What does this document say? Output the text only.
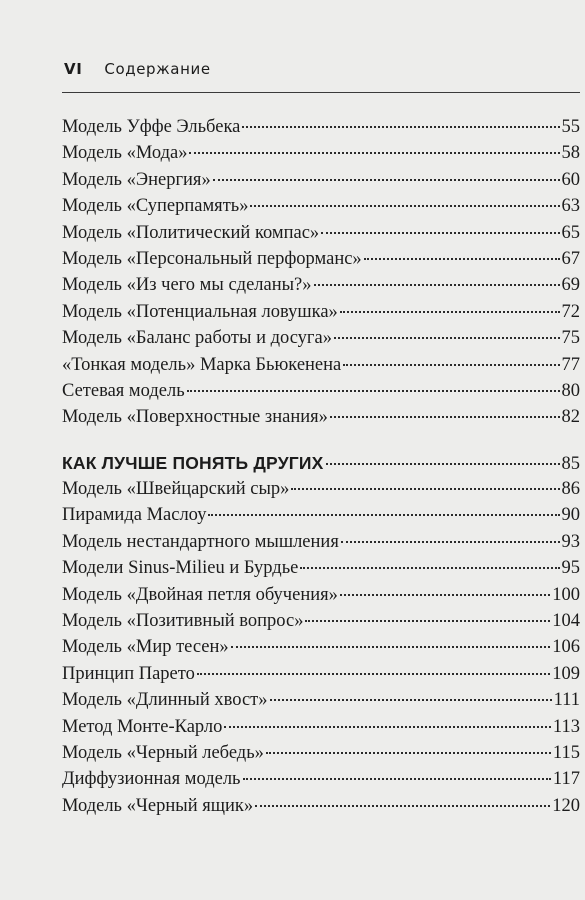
VI Содержание
Модель Уффе Эльбека	55
Модель «Мода»	58
Модель «Энергия»	60
Модель «Суперпамять»	63
Модель «Политический компас»	65
Модель «Персональный перформанс»	67
Модель «Из чего мы сделаны?»	69
Модель «Потенциальная ловушка»	72
Модель «Баланс работы и досуга»	75
«Тонкая модель» Марка Бьюкенена	77
Сетевая модель	80
Модель «Поверхностные знания»	82
КАК ЛУЧШЕ ПОНЯТЬ ДРУГИХ	85
Модель «Швейцарский сыр»	86
Пирамида Маслоу	90
Модель нестандартного мышления	93
Модели Sinus-Milieu и Бурдье	95
Модель «Двойная петля обучения»	100
Модель «Позитивный вопрос»	104
Модель «Мир тесен»	106
Принцип Парето	109
Модель «Длинный хвост»	111
Метод Монте-Карло	113
Модель «Черный лебедь»	115
Диффузионная модель	117
Модель «Черный ящик»	120
